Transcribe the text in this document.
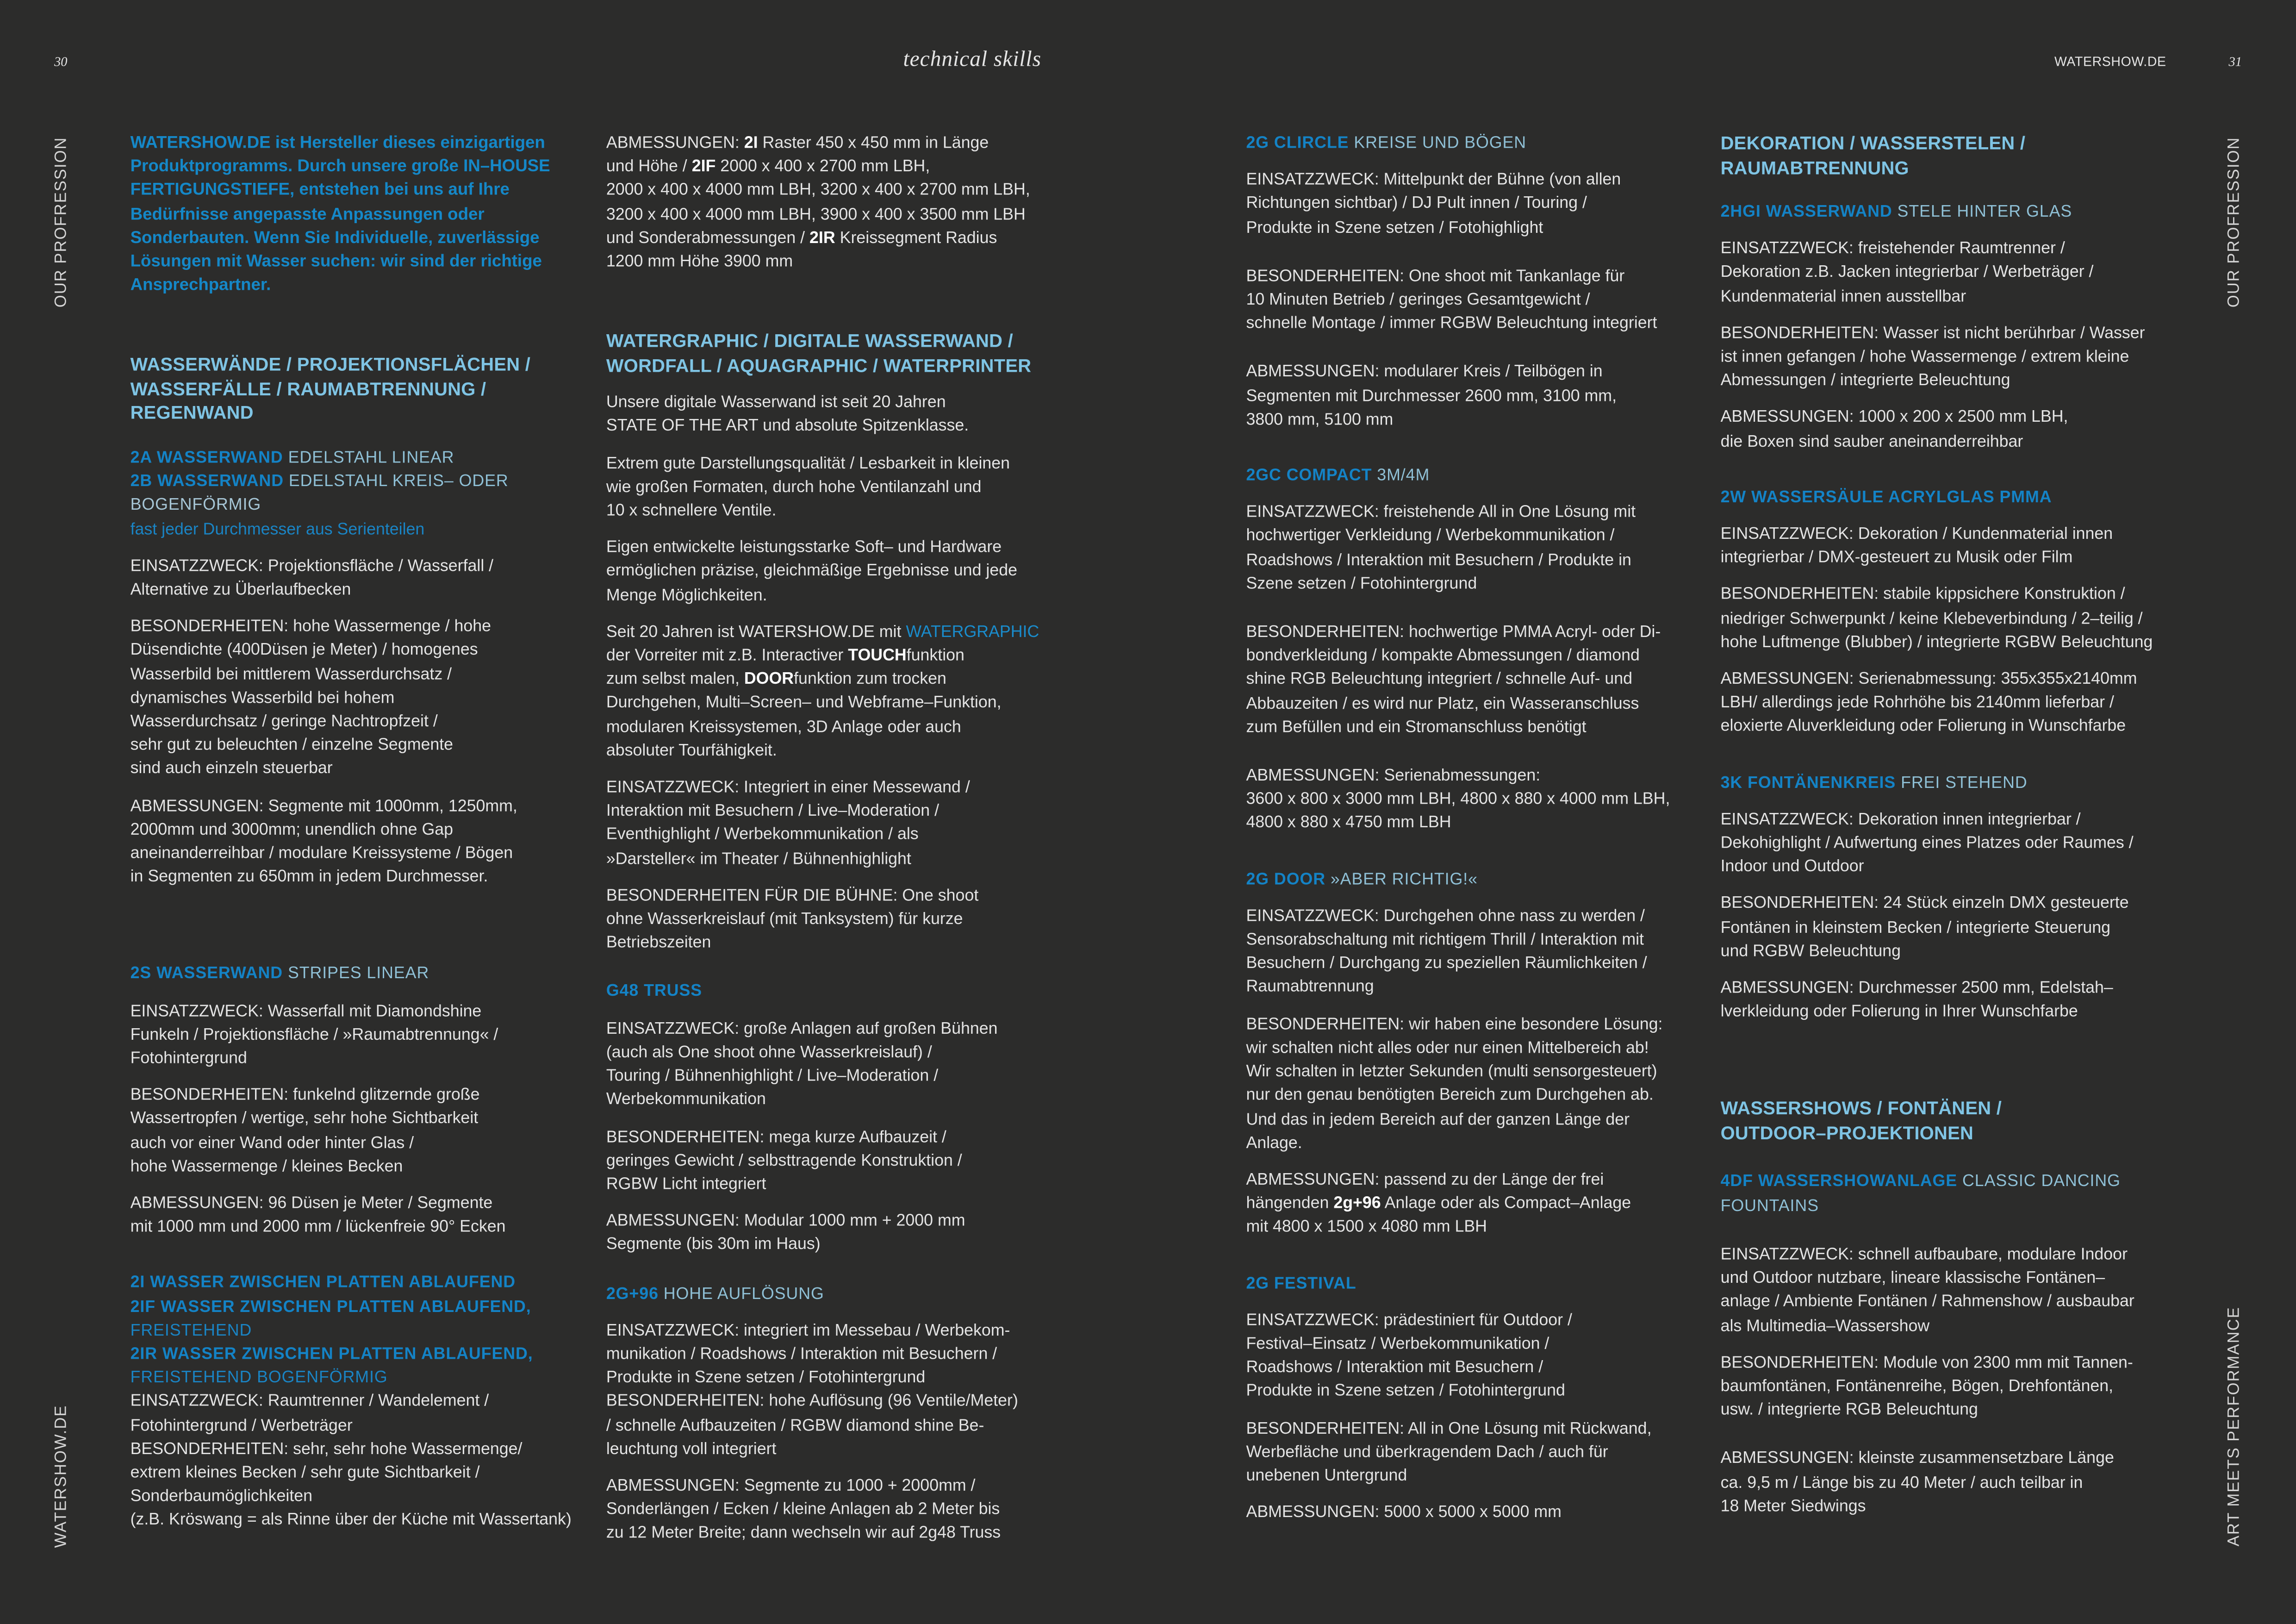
30	technical skills	WATERSHOW.DE	31
OUR PROFRESSION
WATERSHOW.DE
OUR PROFRESSION
ART MEETS PERFORMANCE
WATERSHOW.DE ist Hersteller dieses einzigartigen
Produktprogramms. Durch unsere große IN–HOUSE
FERTIGUNGSTIEFE, entstehen bei uns auf Ihre
Bedürfnisse angepasste Anpassungen oder
Sonderbauten. Wenn Sie Individuelle, zuverlässige
Lösungen mit Wasser suchen: wir sind der richtige
Ansprechpartner.
WASSERWÄNDE / PROJEKTIONSFLÄCHEN /
WASSERFÄLLE / RAUMABTRENNUNG /
REGENWAND
2A WASSERWAND EDELSTAHL LINEAR
2B WASSERWAND EDELSTAHL KREIS– ODER
BOGENFÖRMIG
fast jeder Durchmesser aus Serienteilen
EINSATZZWECK: Projektionsfläche / Wasserfall /
Alternative zu Überlaufbecken
BESONDERHEITEN: hohe Wassermenge / hohe
Düsendichte (400Düsen je Meter) / homogenes
Wasserbild bei mittlerem Wasserdurchsatz /
dynamisches Wasserbild bei hohem
Wasserdurchsatz / geringe Nachtropfzeit /
sehr gut zu beleuchten / einzelne Segmente
sind auch einzeln steuerbar
ABMESSUNGEN: Segmente mit 1000mm, 1250mm,
2000mm und 3000mm; unendlich ohne Gap
aneinanderreihbar / modulare Kreissysteme / Bögen
in Segmenten zu 650mm in jedem Durchmesser.
2S WASSERWAND STRIPES LINEAR
EINSATZZWECK: Wasserfall mit Diamondshine
Funkeln / Projektionsfläche / »Raumabtrennung« /
Fotohintergrund
BESONDERHEITEN: funkelnd glitzernde große
Wassertropfen / wertige, sehr hohe Sichtbarkeit
auch vor einer Wand oder hinter Glas /
hohe Wassermenge / kleines Becken
ABMESSUNGEN: 96 Düsen je Meter / Segmente
mit 1000 mm und 2000 mm / lückenfreie 90° Ecken
2I WASSER ZWISCHEN PLATTEN ABLAUFEND
2IF WASSER ZWISCHEN PLATTEN ABLAUFEND,
FREISTEHEND
2IR WASSER ZWISCHEN PLATTEN ABLAUFEND,
FREISTEHEND BOGENFÖRMIG
EINSATZZWECK: Raumtrenner / Wandelement /
Fotohintergrund / Werbeträger
BESONDERHEITEN: sehr, sehr hohe Wassermenge/
extrem kleines Becken / sehr gute Sichtbarkeit /
Sonderbaumöglichkeiten
(z.B. Kröswang = als Rinne über der Küche mit Wassertank)
ABMESSUNGEN: 2I Raster 450 x 450 mm in Länge
und Höhe / 2IF 2000 x 400 x 2700 mm LBH,
2000 x 400 x 4000 mm LBH, 3200 x 400 x 2700 mm LBH,
3200 x 400 x 4000 mm LBH, 3900 x 400 x 3500 mm LBH
und Sonderabmessungen / 2IR Kreissegment Radius
1200 mm Höhe 3900 mm
WATERGRAPHIC / DIGITALE WASSERWAND /
WORDFALL / AQUAGRAPHIC / WATERPRINTER
Unsere digitale Wasserwand ist seit 20 Jahren
STATE OF THE ART und absolute Spitzenklasse.
Extrem gute Darstellungsqualität / Lesbarkeit in kleinen
wie großen Formaten, durch hohe Ventilanzahl und
10 x schnellere Ventile.
Eigen entwickelte leistungsstarke Soft– und Hardware
ermöglichen präzise, gleichmäßige Ergebnisse und jede
Menge Möglichkeiten.
Seit 20 Jahren ist WATERSHOW.DE mit WATERGRAPHIC
der Vorreiter mit z.B. Interactiver TOUCHfunktion
zum selbst malen, DOORfunktion zum trocken
Durchgehen, Multi–Screen– und Webframe–Funktion,
modularen Kreissystemen, 3D Anlage oder auch
absoluter Tourfähigkeit.
EINSATZZWECK: Integriert in einer Messewand /
Interaktion mit Besuchern / Live–Moderation /
Eventhighlight / Werbekommunikation / als
»Darsteller« im Theater / Bühnenhighlight
BESONDERHEITEN FÜR DIE BÜHNE: One shoot
ohne Wasserkreislauf (mit Tanksystem) für kurze
Betriebszeiten
G48 TRUSS
EINSATZZWECK: große Anlagen auf großen Bühnen
(auch als One shoot ohne Wasserkreislauf) /
Touring / Bühnenhighlight / Live–Moderation /
Werbekommunikation
BESONDERHEITEN: mega kurze Aufbauzeit /
geringes Gewicht / selbsttragende Konstruktion /
RGBW Licht integriert
ABMESSUNGEN: Modular 1000 mm + 2000 mm
Segmente (bis 30m im Haus)
2G+96 HOHE AUFLÖSUNG
EINSATZZWECK: integriert im Messebau / Werbekom-
munikation / Roadshows / Interaktion mit Besuchern /
Produkte in Szene setzen / Fotohintergrund
BESONDERHEITEN: hohe Auflösung (96 Ventile/Meter)
/ schnelle Aufbauzeiten / RGBW diamond shine Be-
leuchtung voll integriert
ABMESSUNGEN: Segmente zu 1000 + 2000mm /
Sonderlängen / Ecken / kleine Anlagen ab 2 Meter bis
zu 12 Meter Breite; dann wechseln wir auf 2g48 Truss
2G CLIRCLE KREISE UND BÖGEN
EINSATZZWECK: Mittelpunkt der Bühne (von allen
Richtungen sichtbar) / DJ Pult innen / Touring /
Produkte in Szene setzen / Fotohighlight
BESONDERHEITEN: One shoot mit Tankanlage für
10 Minuten Betrieb / geringes Gesamtgewicht /
schnelle Montage / immer RGBW Beleuchtung integriert
ABMESSUNGEN: modularer Kreis / Teilbögen in
Segmenten mit Durchmesser 2600 mm, 3100 mm,
3800 mm, 5100 mm
2GC COMPACT 3M/4M
EINSATZZWECK: freistehende All in One Lösung mit
hochwertiger Verkleidung / Werbekommunikation /
Roadshows / Interaktion mit Besuchern / Produkte in
Szene setzen / Fotohintergrund
BESONDERHEITEN: hochwertige PMMA Acryl- oder Di-
bondverkleidung / kompakte Abmessungen / diamond
shine RGB Beleuchtung integriert / schnelle Auf- und
Abbauzeiten / es wird nur Platz, ein Wasseranschluss
zum Befüllen und ein Stromanschluss benötigt
ABMESSUNGEN: Serienabmessungen:
3600 x 800 x 3000 mm LBH, 4800 x 880 x 4000 mm LBH,
4800 x 880 x 4750 mm LBH
2G DOOR »ABER RICHTIG!«
EINSATZZWECK: Durchgehen ohne nass zu werden /
Sensorabschaltung mit richtigem Thrill / Interaktion mit
Besuchern / Durchgang zu speziellen Räumlichkeiten /
Raumabtrennung
BESONDERHEITEN: wir haben eine besondere Lösung:
wir schalten nicht alles oder nur einen Mittelbereich ab!
Wir schalten in letzter Sekunden (multi sensorgesteuert)
nur den genau benötigten Bereich zum Durchgehen ab.
Und das in jedem Bereich auf der ganzen Länge der
Anlage.
ABMESSUNGEN: passend zu der Länge der frei
hängenden 2g+96 Anlage oder als Compact–Anlage
mit 4800 x 1500 x 4080 mm LBH
2G FESTIVAL
EINSATZZWECK: prädestiniert für Outdoor /
Festival–Einsatz / Werbekommunikation /
Roadshows / Interaktion mit Besuchern /
Produkte in Szene setzen / Fotohintergrund
BESONDERHEITEN: All in One Lösung mit Rückwand,
Werbefläche und überkragendem Dach / auch für
unebenen Untergrund
ABMESSUNGEN: 5000 x 5000 x 5000 mm
DEKORATION / WASSERSTELEN /
RAUMABTRENNUNG
2HGI WASSERWAND STELE HINTER GLAS
EINSATZZWECK: freistehender Raumtrenner /
Dekoration z.B. Jacken integrierbar / Werbeträger /
Kundenmaterial innen ausstellbar
BESONDERHEITEN: Wasser ist nicht berührbar / Wasser
ist innen gefangen / hohe Wassermenge / extrem kleine
Abmessungen / integrierte Beleuchtung
ABMESSUNGEN: 1000 x 200 x 2500 mm LBH,
die Boxen sind sauber aneinanderreihbar
2W WASSERSÄULE ACRYLGLAS PMMA
EINSATZZWECK: Dekoration / Kundenmaterial innen
integrierbar / DMX-gesteuert zu Musik oder Film
BESONDERHEITEN: stabile kippsichere Konstruktion /
niedriger Schwerpunkt / keine Klebeverbindung / 2–teilig /
hohe Luftmenge (Blubber) / integrierte RGBW Beleuchtung
ABMESSUNGEN: Serienabmessung: 355x355x2140mm
LBH/ allerdings jede Rohrhöhe bis 2140mm lieferbar /
eloxierte Aluverkleidung oder Folierung in Wunschfarbe
3K FONTÄNENKREIS FREI STEHEND
EINSATZZWECK: Dekoration innen integrierbar /
Dekohighlight / Aufwertung eines Platzes oder Raumes /
Indoor und Outdoor
BESONDERHEITEN: 24 Stück einzeln DMX gesteuerte
Fontänen in kleinstem Becken / integrierte Steuerung
und RGBW Beleuchtung
ABMESSUNGEN: Durchmesser 2500 mm, Edelstah–
lverkleidung oder Folierung in Ihrer Wunschfarbe
WASSERSHOWS / FONTÄNEN /
OUTDOOR–PROJEKTIONEN
4DF WASSERSHOWANLAGE CLASSIC DANCING FOUNTAINS
EINSATZZWECK: schnell aufbaubare, modulare Indoor
und Outdoor nutzbare, lineare klassische Fontänen–
anlage / Ambiente Fontänen / Rahmenshow / ausbaubar
als Multimedia–Wassershow
BESONDERHEITEN: Module von 2300 mm mit Tannen-
baumfontänen, Fontänenreihe, Bögen, Drehfontänen,
usw. / integrierte RGB Beleuchtung
ABMESSUNGEN: kleinste zusammensetzbare Länge
ca. 9,5 m / Länge bis zu 40 Meter / auch teilbar in
18 Meter Siedwings
